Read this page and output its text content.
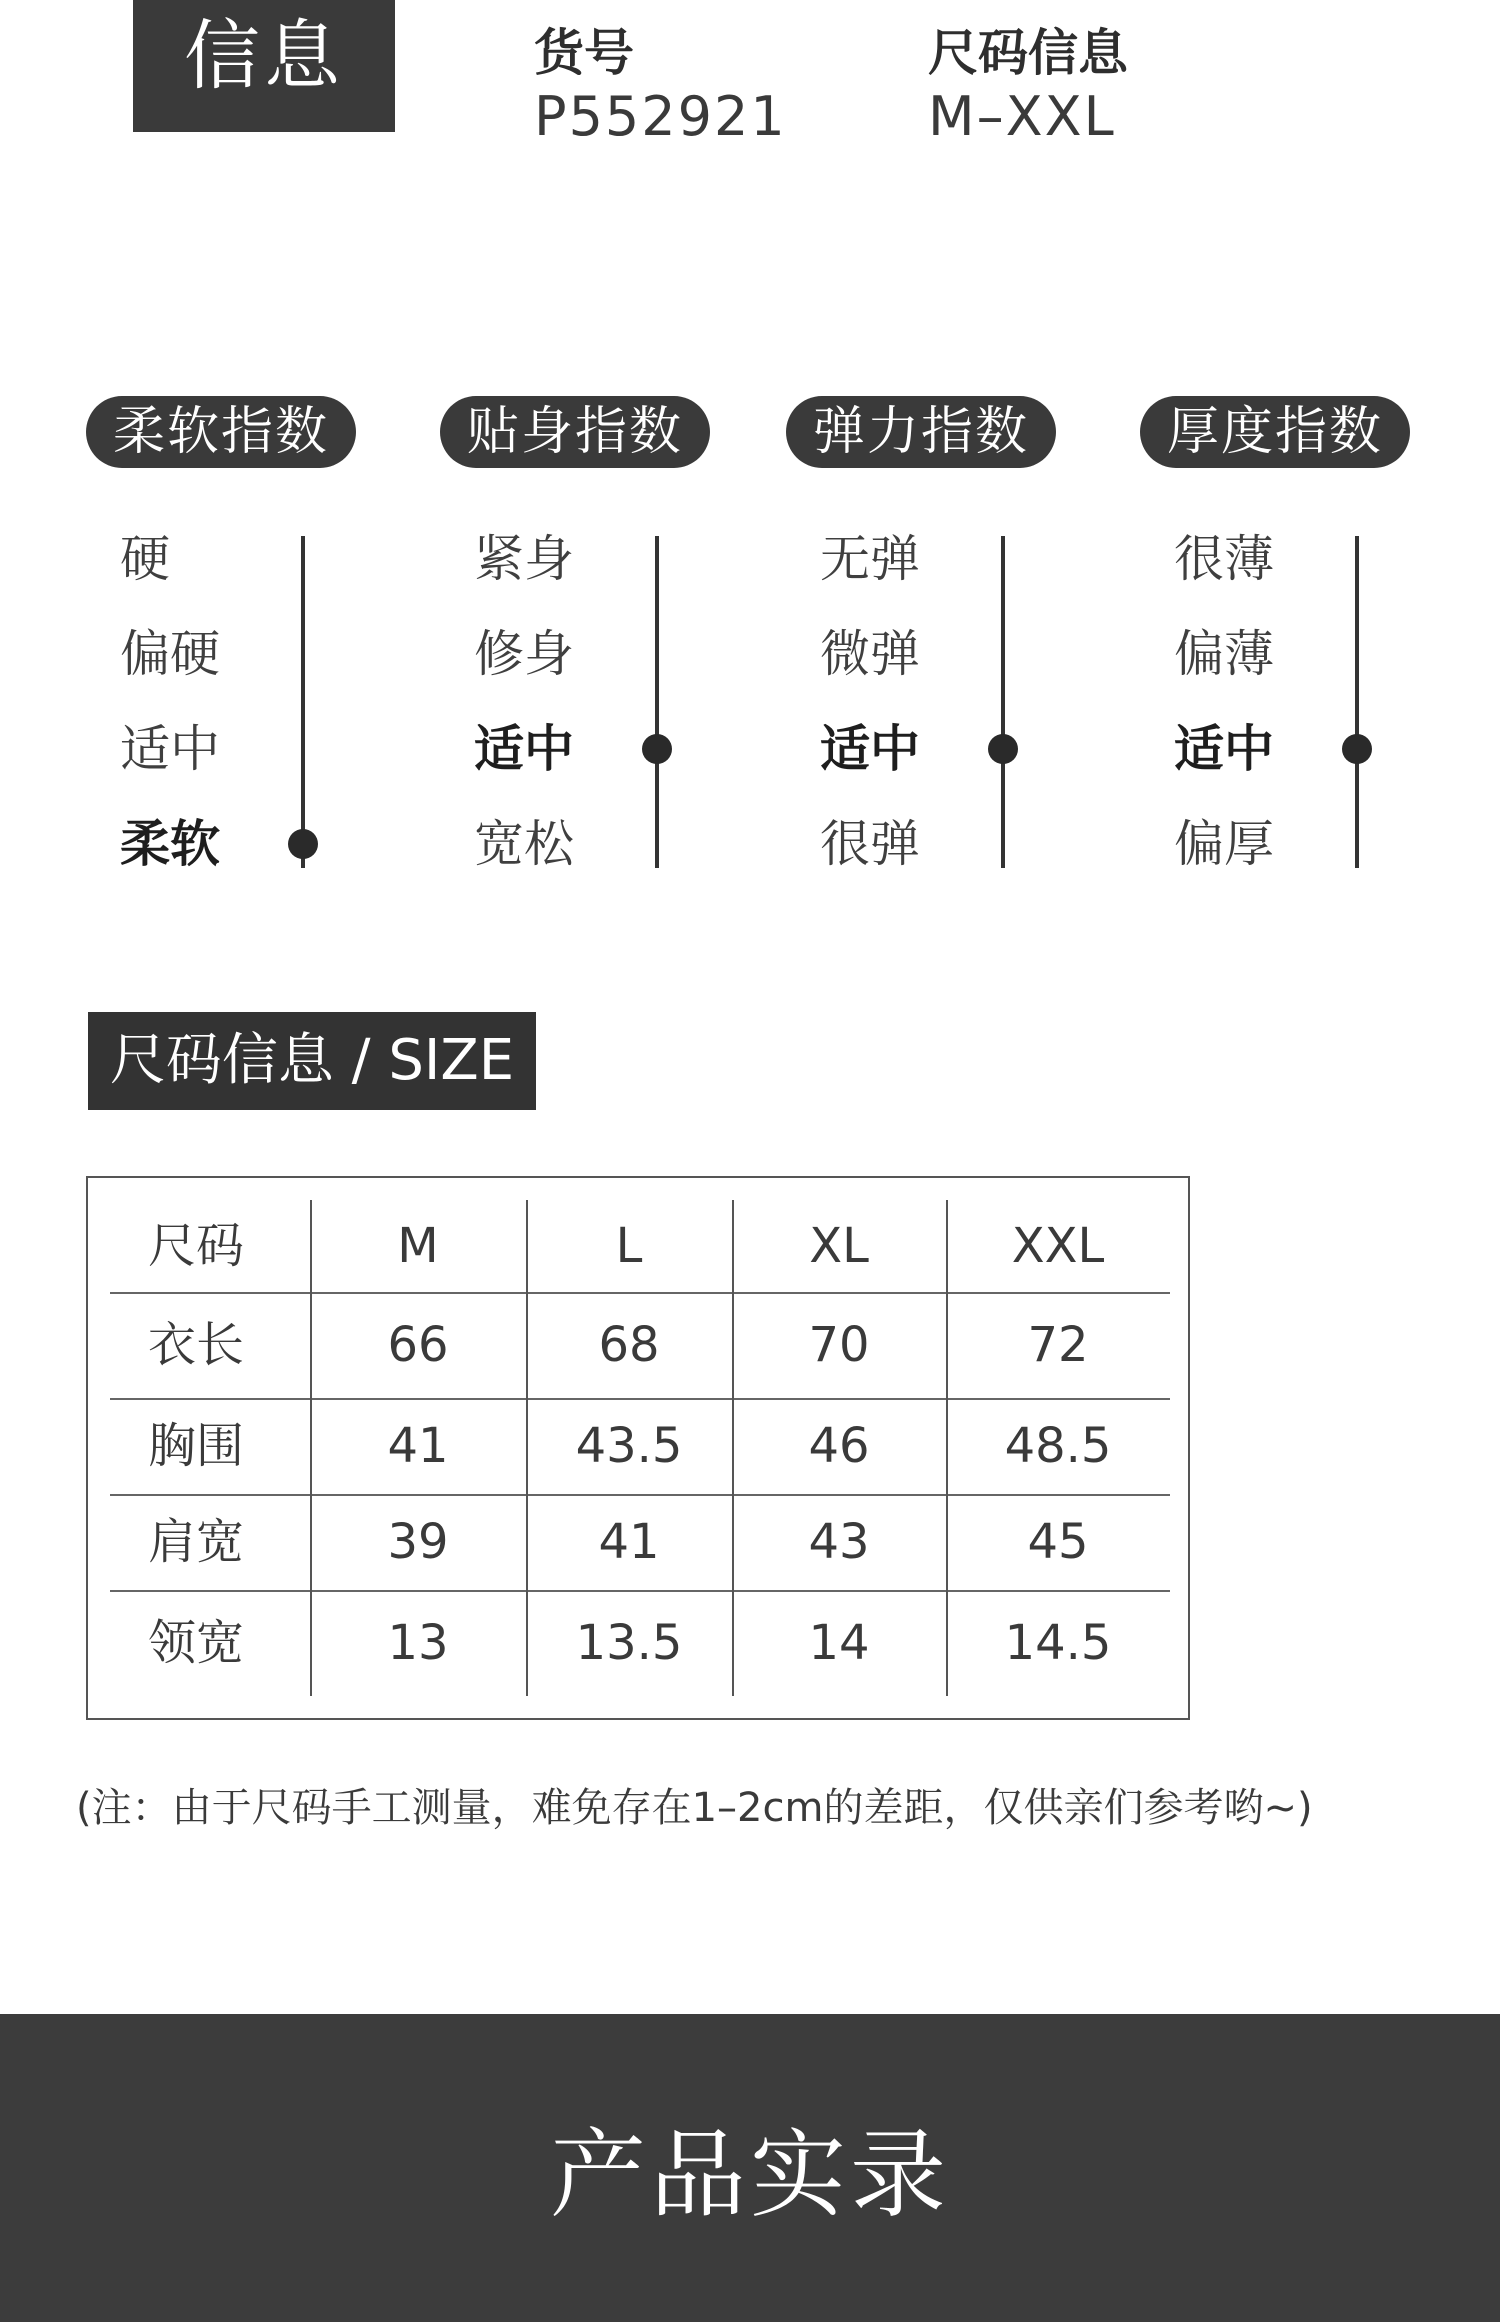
信息	货号
P552921
尺码信息
M–XXL
柔软指数
硬
偏硬
适中
柔软
贴身指数
紧身
修身
适中
宽松
弹力指数
无弹
微弹
适中
很弹
厚度指数
很薄
偏薄
适中
偏厚
尺码信息 / SIZE
尺码	M	L	XL	XXL
衣长	66	68	70	72
胸围	41	43.5	46	48.5
肩宽	39	41	43	45
领宽	13	13.5	14	14.5
(注：由于尺码手工测量，难免存在1–2cm的差距，仅供亲们参考哟~)
产品实录
